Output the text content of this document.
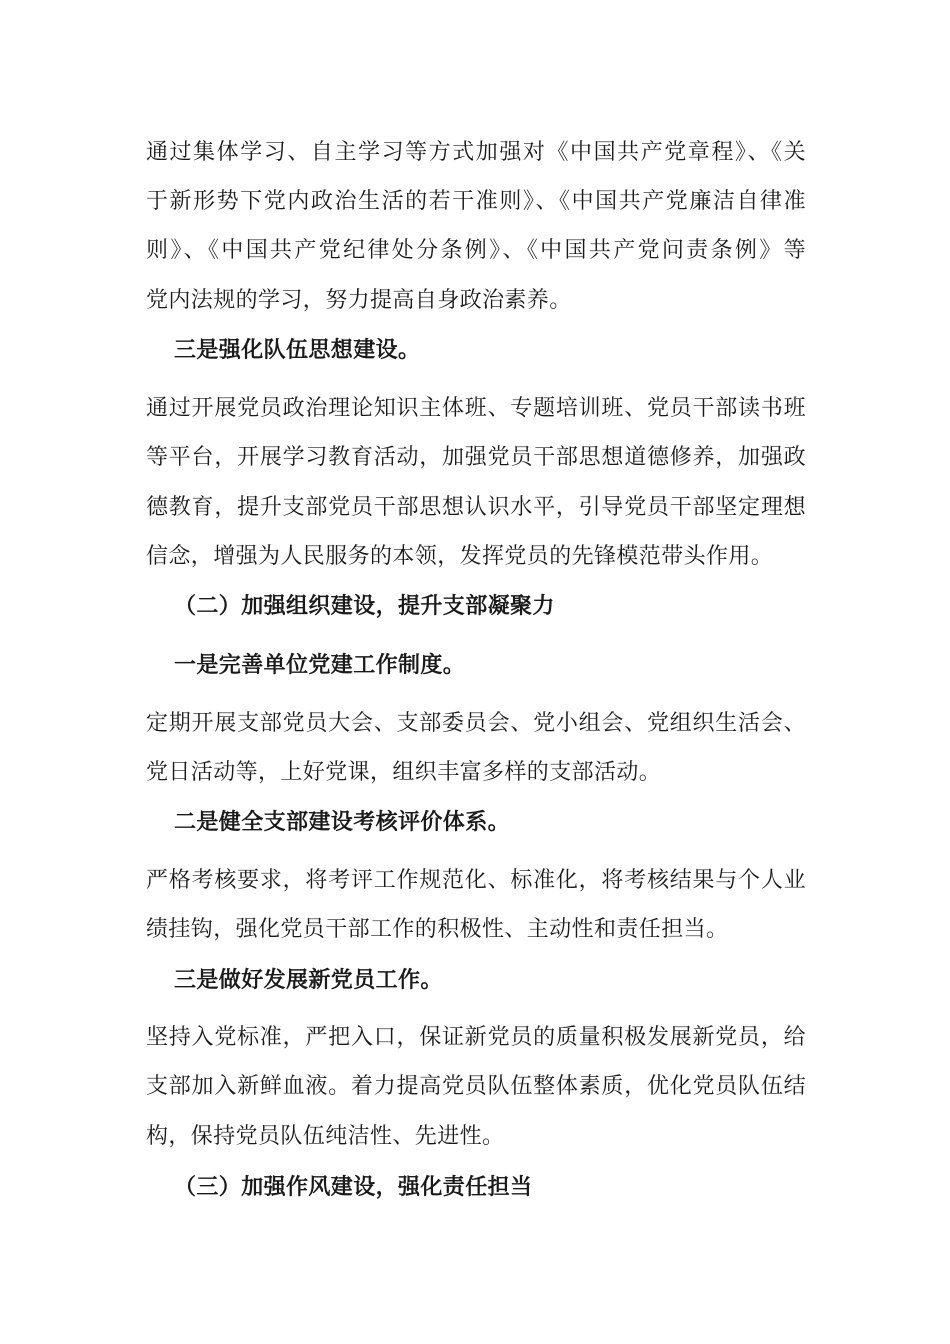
通过集体学习、自主学习等方式加强对《中国共产党章程》、《关
于新形势下党内政治生活的若干准则》、《中国共产党廉洁自律准
则》、《中国共产党纪律处分条例》、《中国共产党问责条例》等
党内法规的学习，努力提高自身政治素养。
三是强化队伍思想建设。
通过开展党员政治理论知识主体班、专题培训班、党员干部读书班
等平台，开展学习教育活动，加强党员干部思想道德修养，加强政
德教育，提升支部党员干部思想认识水平，引导党员干部坚定理想
信念，增强为人民服务的本领，发挥党员的先锋模范带头作用。
（二）加强组织建设，提升支部凝聚力
一是完善单位党建工作制度。
定期开展支部党员大会、支部委员会、党小组会、党组织生活会、
党日活动等，上好党课，组织丰富多样的支部活动。
二是健全支部建设考核评价体系。
严格考核要求，将考评工作规范化、标准化，将考核结果与个人业
绩挂钩，强化党员干部工作的积极性、主动性和责任担当。
三是做好发展新党员工作。
坚持入党标准，严把入口，保证新党员的质量积极发展新党员，给
支部加入新鲜血液。着力提高党员队伍整体素质，优化党员队伍结
构，保持党员队伍纯洁性、先进性。
（三）加强作风建设，强化责任担当
